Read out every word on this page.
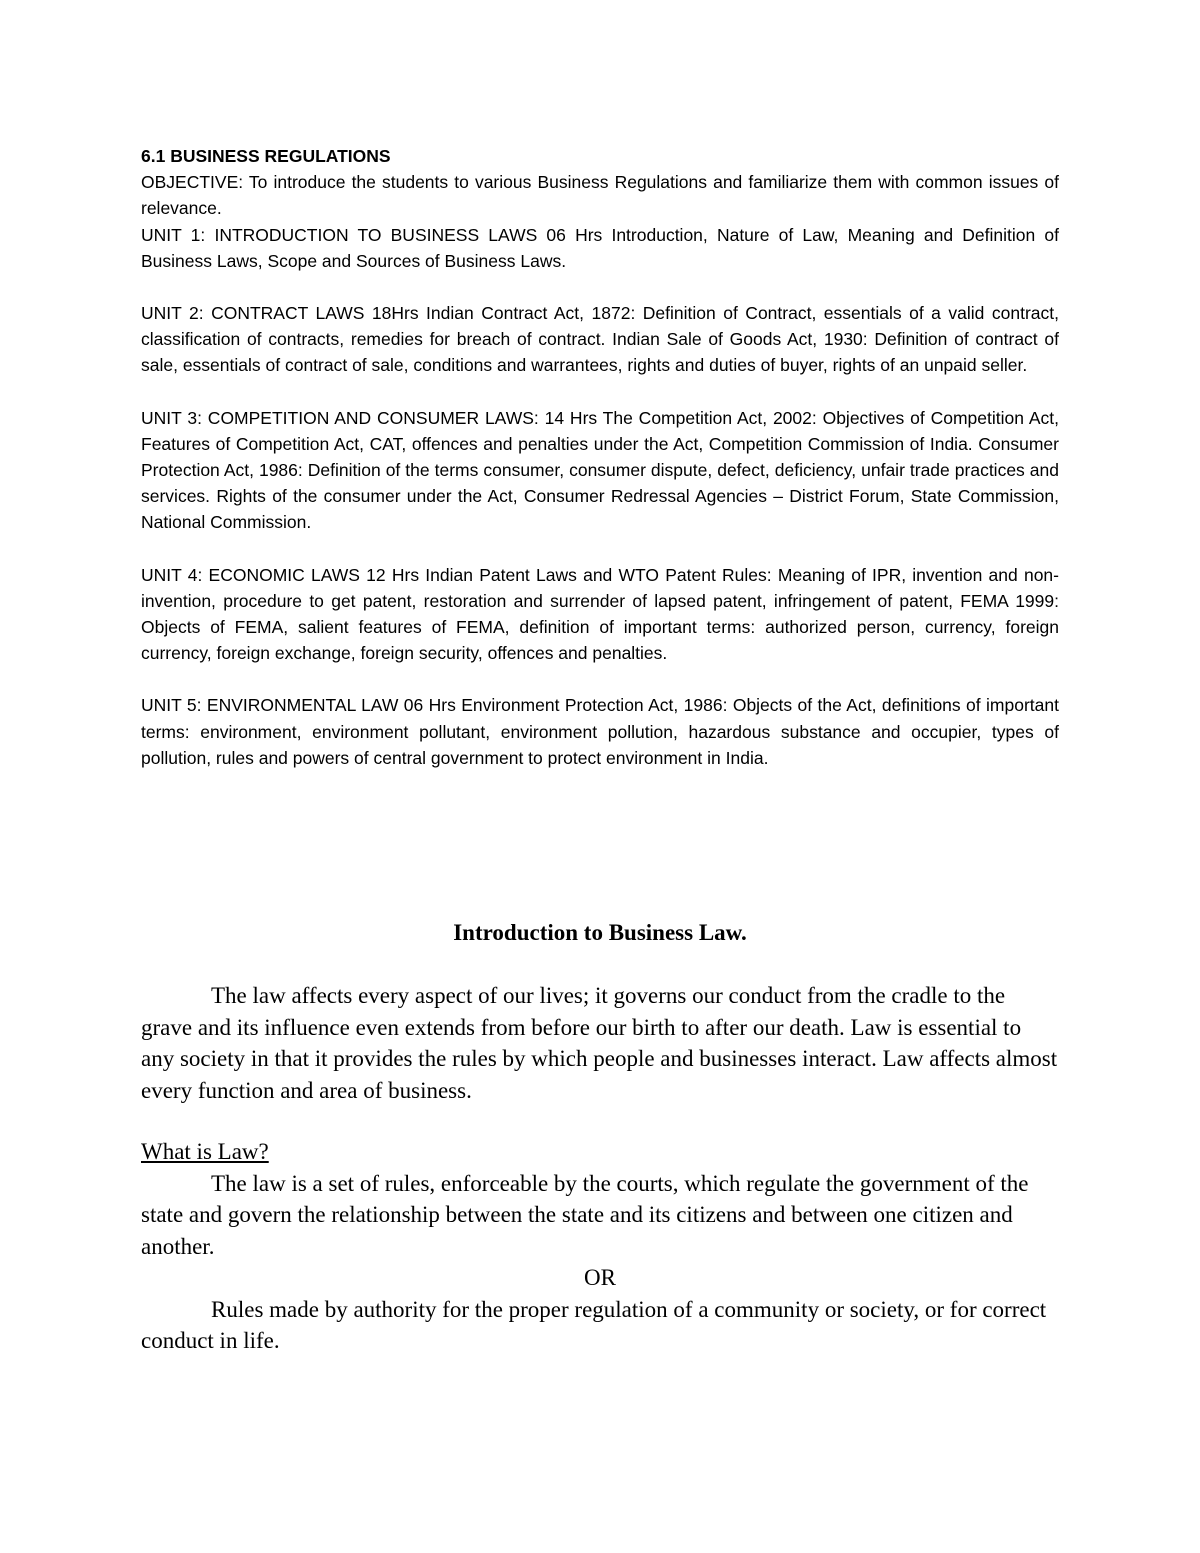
6.1 BUSINESS REGULATIONS

OBJECTIVE: To introduce the students to various Business Regulations and familiarize them with common issues of relevance.

UNIT 1: INTRODUCTION TO BUSINESS LAWS 06 Hrs Introduction, Nature of Law, Meaning and Definition of Business Laws, Scope and Sources of Business Laws.

UNIT 2: CONTRACT LAWS 18Hrs Indian Contract Act, 1872: Definition of Contract, essentials of a valid contract, classification of contracts, remedies for breach of contract. Indian Sale of Goods Act, 1930: Definition of contract of sale, essentials of contract of sale, conditions and warrantees, rights and duties of buyer, rights of an unpaid seller.

UNIT 3: COMPETITION AND CONSUMER LAWS: 14 Hrs The Competition Act, 2002: Objectives of Competition Act, Features of Competition Act, CAT, offences and penalties under the Act, Competition Commission of India. Consumer Protection Act, 1986: Definition of the terms consumer, consumer dispute, defect, deficiency, unfair trade practices and services. Rights of the consumer under the Act, Consumer Redressal Agencies – District Forum, State Commission, National Commission.

UNIT 4: ECONOMIC LAWS 12 Hrs Indian Patent Laws and WTO Patent Rules: Meaning of IPR, invention and non-invention, procedure to get patent, restoration and surrender of lapsed patent, infringement of patent, FEMA 1999: Objects of FEMA, salient features of FEMA, definition of important terms: authorized person, currency, foreign currency, foreign exchange, foreign security, offences and penalties.

UNIT 5: ENVIRONMENTAL LAW 06 Hrs Environment Protection Act, 1986: Objects of the Act, definitions of important terms: environment, environment pollutant, environment pollution, hazardous substance and occupier, types of pollution, rules and powers of central government to protect environment in India.

Introduction to Business Law.

The law affects every aspect of our lives; it governs our conduct from the cradle to the grave and its influence even extends from before our birth to after our death. Law is essential to any society in that it provides the rules by which people and businesses interact. Law affects almost every function and area of business.

What is Law?

The law is a set of rules, enforceable by the courts, which regulate the government of the state and govern the relationship between the state and its citizens and between one citizen and another.

OR

Rules made by authority for the proper regulation of a community or society, or for correct conduct in life.
